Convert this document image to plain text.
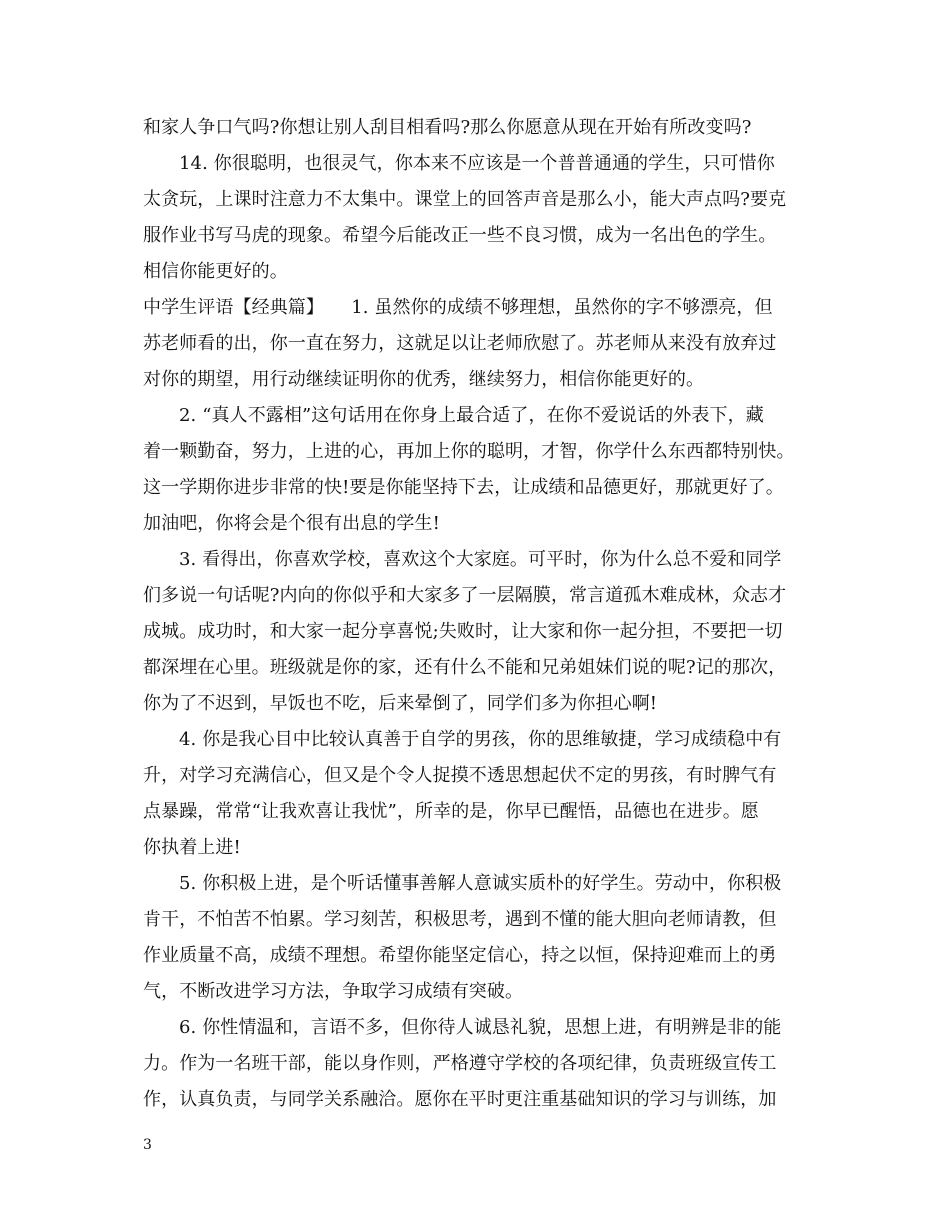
和家人争口气吗?你想让别人刮目相看吗?那么你愿意从现在开始有所改变吗?
14. 你很聪明，也很灵气，你本来不应该是一个普普通通的学生，只可惜你
太贪玩，上课时注意力不太集中。课堂上的回答声音是那么小，能大声点吗?要克
服作业书写马虎的现象。希望今后能改正一些不良习惯，成为一名出色的学生。
相信你能更好的。
中学生评语【经典篇】　　1. 虽然你的成绩不够理想，虽然你的字不够漂亮，但
苏老师看的出，你一直在努力，这就足以让老师欣慰了。苏老师从来没有放弃过
对你的期望，用行动继续证明你的优秀，继续努力，相信你能更好的。
2. “真人不露相”这句话用在你身上最合适了，在你不爱说话的外表下，藏
着一颗勤奋，努力，上进的心，再加上你的聪明，才智，你学什么东西都特别快。
这一学期你进步非常的快!要是你能坚持下去，让成绩和品德更好，那就更好了。
加油吧，你将会是个很有出息的学生!
3. 看得出，你喜欢学校，喜欢这个大家庭。可平时，你为什么总不爱和同学
们多说一句话呢?内向的你似乎和大家多了一层隔膜，常言道孤木难成林，众志才
成城。成功时，和大家一起分享喜悦;失败时，让大家和你一起分担，不要把一切
都深埋在心里。班级就是你的家，还有什么不能和兄弟姐妹们说的呢?记的那次，
你为了不迟到，早饭也不吃，后来晕倒了，同学们多为你担心啊!
4. 你是我心目中比较认真善于自学的男孩，你的思维敏捷，学习成绩稳中有
升，对学习充满信心，但又是个令人捉摸不透思想起伏不定的男孩，有时脾气有
点暴躁，常常“让我欢喜让我忧”，所幸的是，你早已醒悟，品德也在进步。愿
你执着上进!
5. 你积极上进，是个听话懂事善解人意诚实质朴的好学生。劳动中，你积极
肯干，不怕苦不怕累。学习刻苦，积极思考，遇到不懂的能大胆向老师请教，但
作业质量不高，成绩不理想。希望你能坚定信心，持之以恒，保持迎难而上的勇
气，不断改进学习方法，争取学习成绩有突破。
6. 你性情温和，言语不多，但你待人诚恳礼貌，思想上进，有明辨是非的能
力。作为一名班干部，能以身作则，严格遵守学校的各项纪律，负责班级宣传工
作，认真负责，与同学关系融洽。愿你在平时更注重基础知识的学习与训练，加
3
